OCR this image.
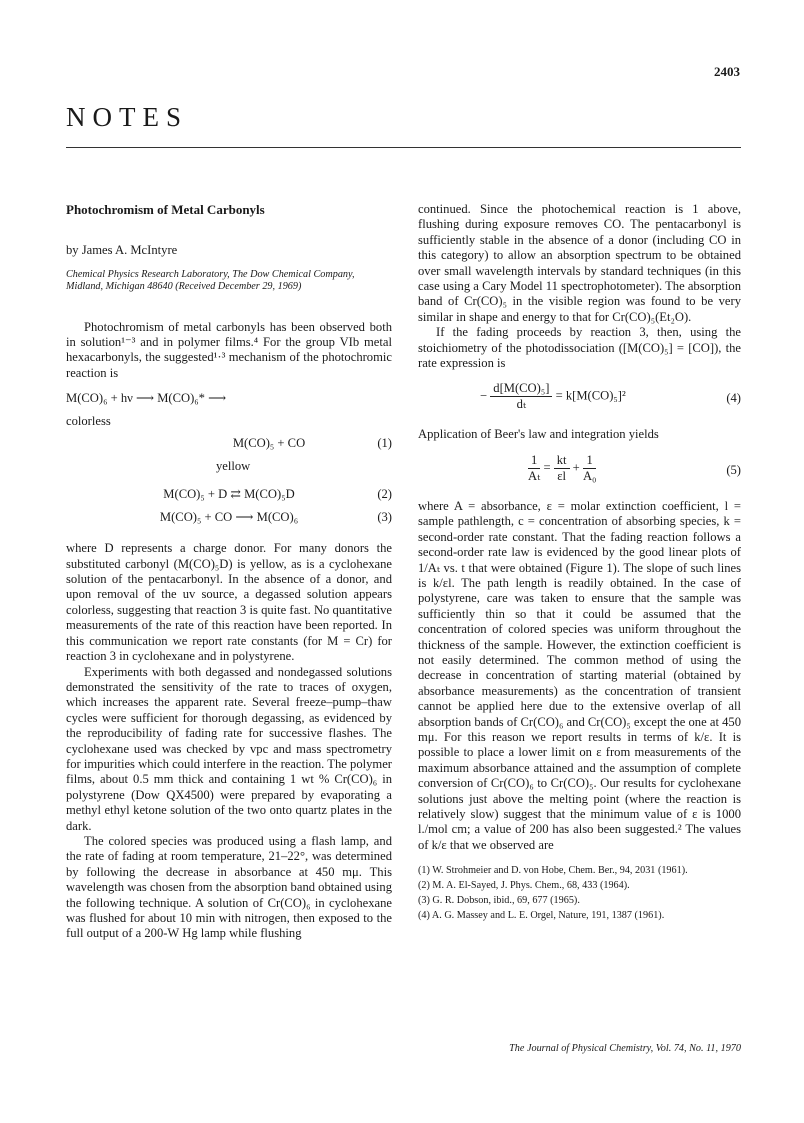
2403
NOTES
Photochromism of Metal Carbonyls
by James A. McIntyre
Chemical Physics Research Laboratory, The Dow Chemical Company, Midland, Michigan 48640 (Received December 29, 1969)

Photochromism of metal carbonyls has been observed both in solution¹⁻³ and in polymer films.⁴ For the group VIb metal hexacarbonyls, the suggested¹·³ mechanism of the photochromic reaction is

M(CO)₆ + hν ⟶ M(CO)₆* ⟶
colorless
M(CO)₅ + CO	(1)
yellow
M(CO)₅ + D ⇄ M(CO)₅D	(2)
M(CO)₅ + CO ⟶ M(CO)₆	(3)

where D represents a charge donor. For many donors the substituted carbonyl (M(CO)₅D) is yellow, as is a cyclohexane solution of the pentacarbonyl. In the absence of a donor, and upon removal of the uv source, a degassed solution appears colorless, suggesting that reaction 3 is quite fast. No quantitative measurements of the rate of this reaction have been reported. In this communication we report rate constants (for M = Cr) for reaction 3 in cyclohexane and in polystyrene.

Experiments with both degassed and nondegassed solutions demonstrated the sensitivity of the rate to traces of oxygen, which increases the apparent rate. Several freeze–pump–thaw cycles were sufficient for thorough degassing, as evidenced by the reproducibility of fading rate for successive flashes. The cyclohexane used was checked by vpc and mass spectrometry for impurities which could interfere in the reaction. The polymer films, about 0.5 mm thick and containing 1 wt % Cr(CO)₆ in polystyrene (Dow QX4500) were prepared by evaporating a methyl ethyl ketone solution of the two onto quartz plates in the dark.

The colored species was produced using a flash lamp, and the rate of fading at room temperature, 21–22°, was determined by following the decrease in absorbance at 450 mμ. This wavelength was chosen from the absorption band obtained using the following technique. A solution of Cr(CO)₆ in cyclohexane was flushed for about 10 min with nitrogen, then exposed to the full output of a 200-W Hg lamp while flushing

continued. Since the photochemical reaction is 1 above, flushing during exposure removes CO. The pentacarbonyl is sufficiently stable in the absence of a donor (including CO in this category) to allow an absorption spectrum to be obtained over small wavelength intervals by standard techniques (in this case using a Cary Model 11 spectrophotometer). The absorption band of Cr(CO)₅ in the visible region was found to be very similar in shape and energy to that for Cr(CO)₅(Et₂O).

If the fading proceeds by reaction 3, then, using the stoichiometry of the photodissociation ([M(CO)₅] = [CO]), the rate expression is

− $\frac{\text{d[M(CO)₅]}}{\text{dₜ}} = k[M(CO)_5]^2$	(4)

Application of Beer's law and integration yields

$\frac{1}{\text{Aₜ}} = \frac{kt}{\varepsilon l} + \frac{1}{\text{A₀}}$	(5)

where A = absorbance, ε = molar extinction coefficient, l = sample pathlength, c = concentration of absorbing species, k = second-order rate constant. That the fading reaction follows a second-order rate law is evidenced by the good linear plots of 1/Aₜ vs. t that were obtained (Figure 1). The slope of such lines is k/εl. The path length is readily obtained. In the case of polystyrene, care was taken to ensure that the sample was sufficiently thin so that it could be assumed that the concentration of colored species was uniform throughout the thickness of the sample. However, the extinction coefficient is not easily determined. The common method of using the decrease in concentration of starting material (obtained by absorbance measurements) as the concentration of transient cannot be applied here due to the extensive overlap of all absorption bands of Cr(CO)₆ and Cr(CO)₅ except the one at 450 mμ. For this reason we report results in terms of k/ε. It is possible to place a lower limit on ε from measurements of the maximum absorbance attained and the assumption of complete conversion of Cr(CO)₆ to Cr(CO)₅. Our results for cyclohexane solutions just above the melting point (where the reaction is relatively slow) suggest that the minimum value of ε is 1000 l./mol cm; a value of 200 has also been suggested.² The values of k/ε that we observed are

(1) W. Strohmeier and D. von Hobe, Chem. Ber., 94, 2031 (1961).
(2) M. A. El-Sayed, J. Phys. Chem., 68, 433 (1964).
(3) G. R. Dobson, ibid., 69, 677 (1965).
(4) A. G. Massey and L. E. Orgel, Nature, 191, 1387 (1961).
The Journal of Physical Chemistry, Vol. 74, No. 11, 1970
